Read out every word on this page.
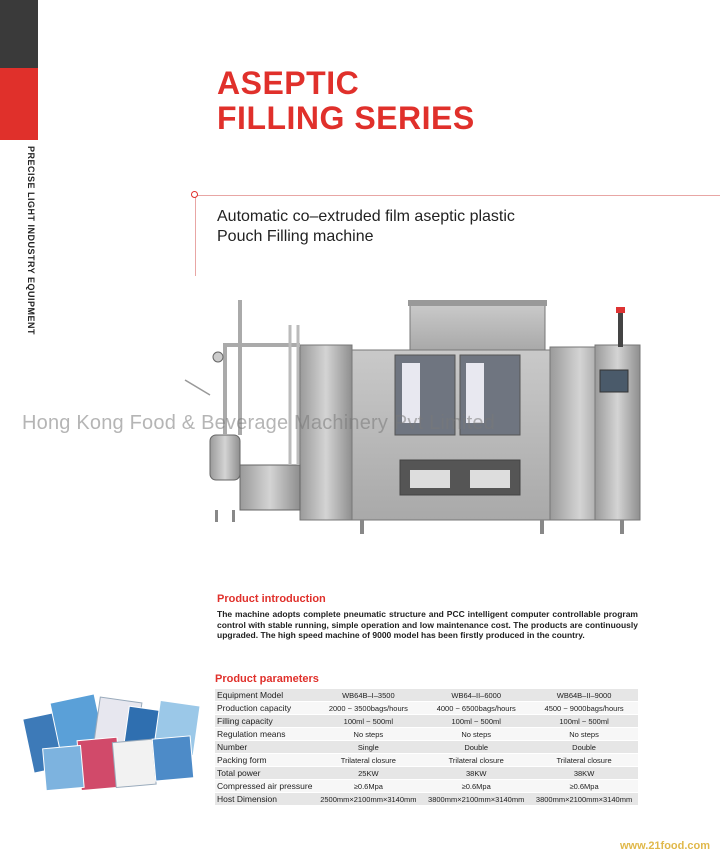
PRECISE LIGHT INDUSTRY EQUIPMENT
ASEPTIC
FILLING SERIES
Automatic co–extruded film aseptic plastic
Pouch Filling machine
Hong Kong Food & Beverage Machinery Pvt Limited
Product introduction
The machine adopts complete pneumatic structure and PCC intelligent computer controllable program control with stable running, simple operation and low maintenance cost. The products are continuously upgraded. The high speed machine of 9000 model has been firstly produced in the country.
Product parameters
Equipment Model	WB64B–I–3500	WB64–II–6000	WB64B–II–9000
Production capacity	2000 ~ 3500bags/hours	4000 ~ 6500bags/hours	4500 ~ 9000bags/hours
Filling capacity	100ml ~ 500ml	100ml ~ 500ml	100ml ~ 500ml
Regulation means	No steps	No steps	No steps
Number	Single	Double	Double
Packing form	Trilateral closure	Trilateral closure	Trilateral closure
Total power	25KW	38KW	38KW
Compressed air pressure	≥0.6Mpa	≥0.6Mpa	≥0.6Mpa
Host Dimension	2500mm×2100mm×3140mm	3800mm×2100mm×3140mm	3800mm×2100mm×3140mm
www.21food.com
